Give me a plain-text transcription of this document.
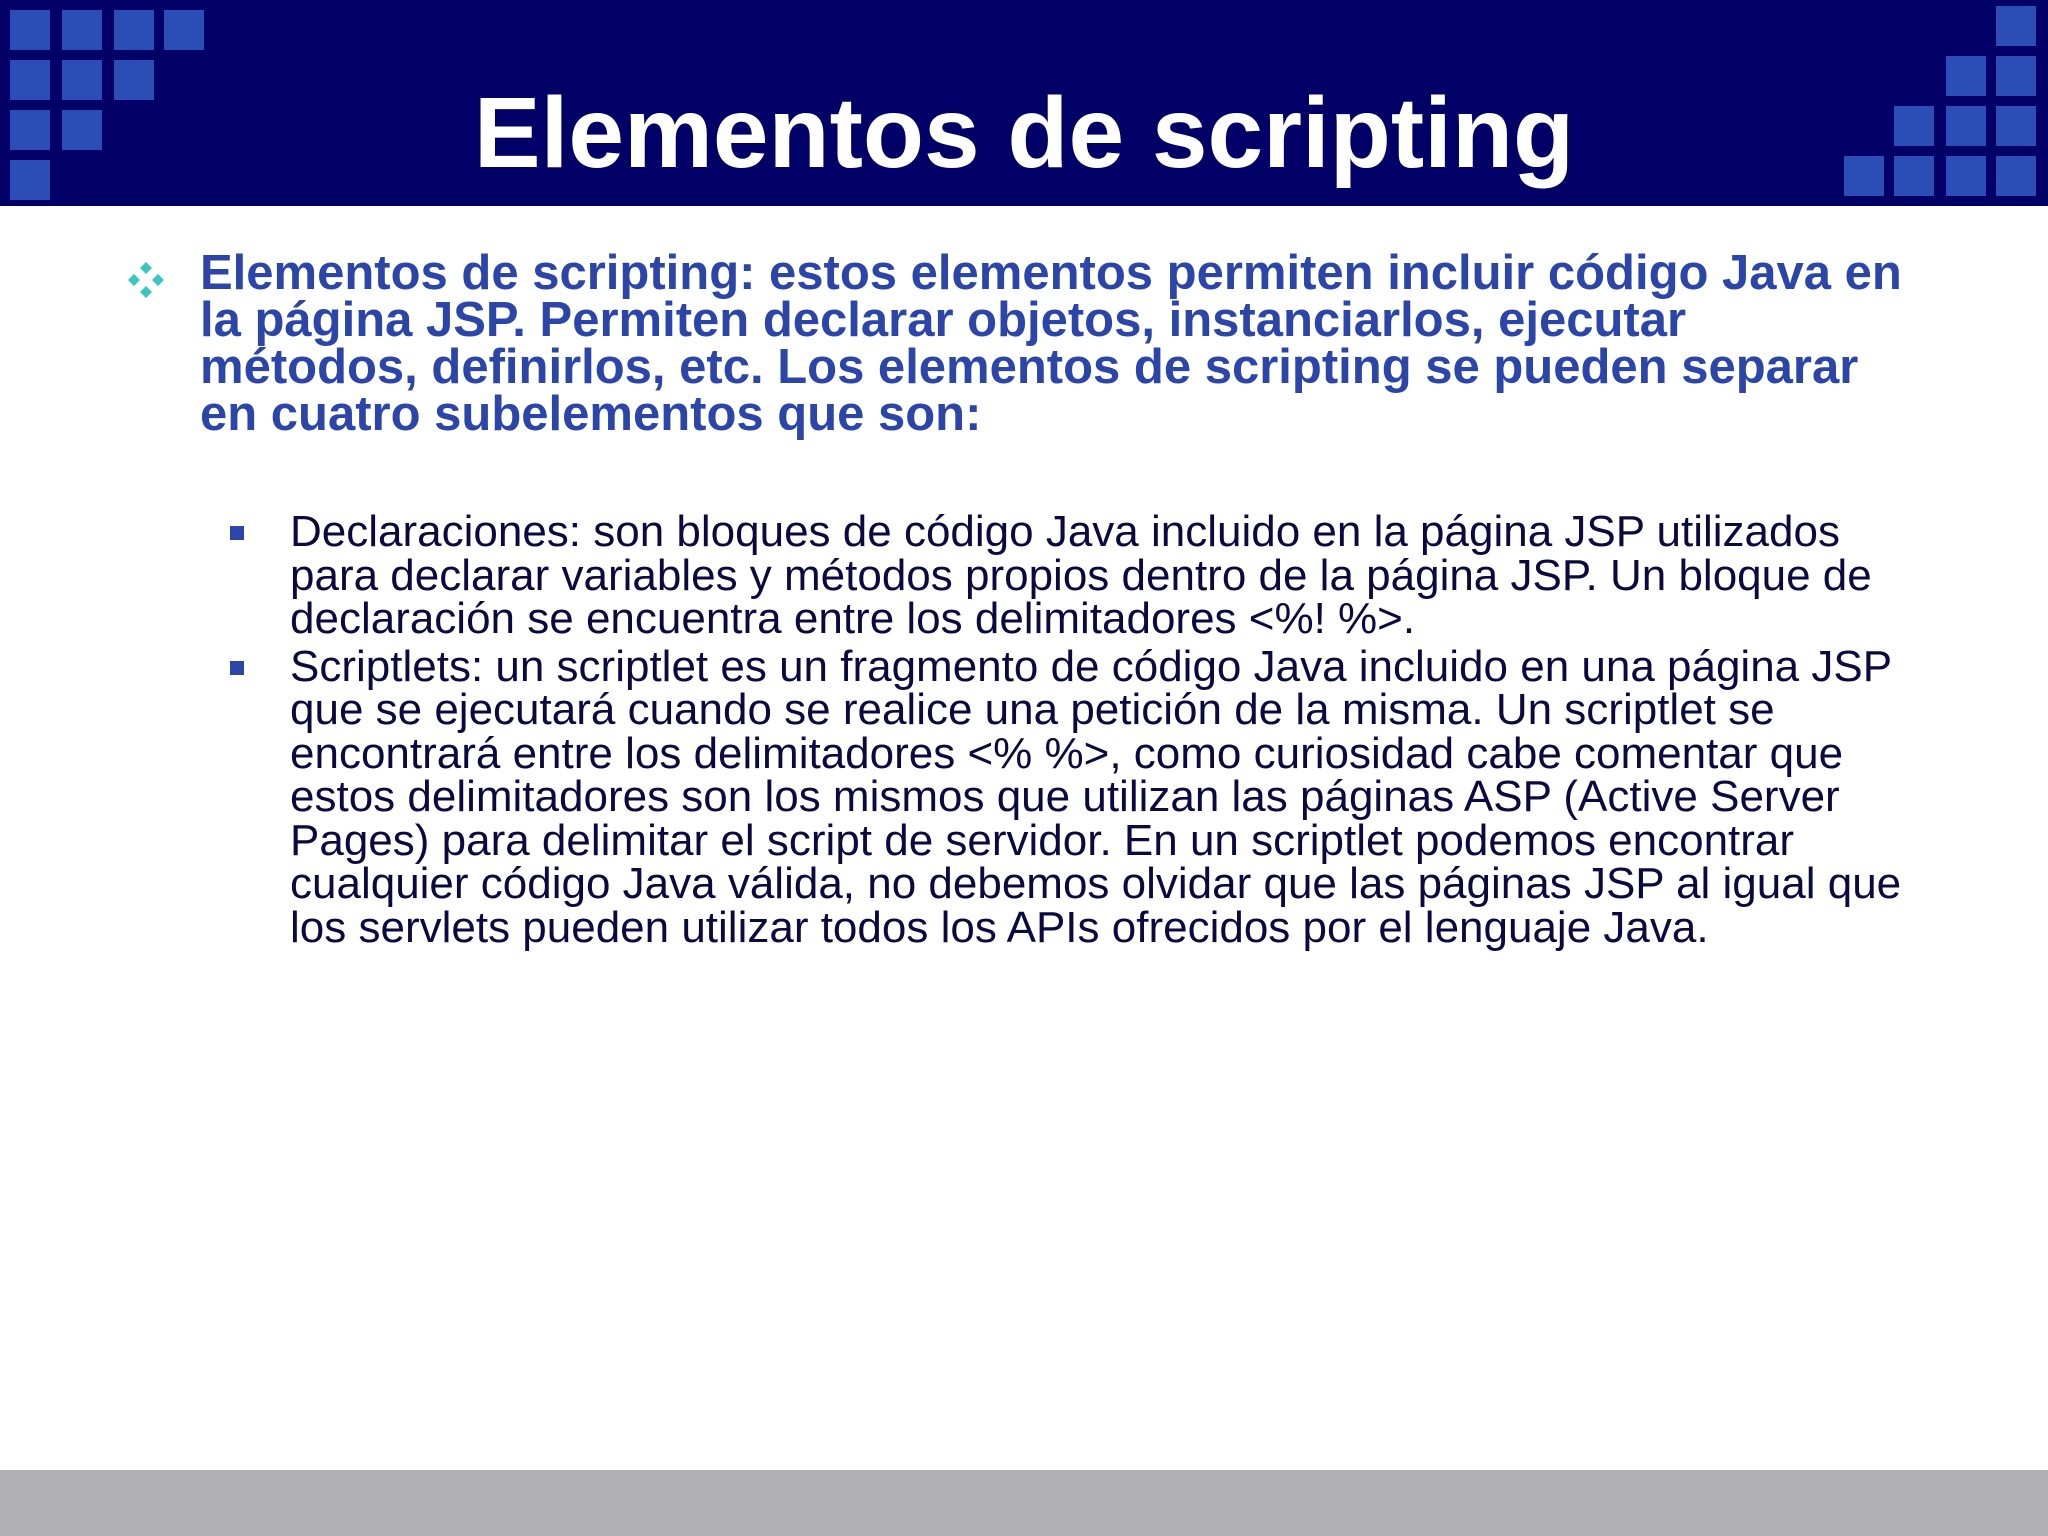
Elementos de scripting
Elementos de scripting: estos elementos permiten incluir código Java en la página JSP. Permiten declarar objetos, instanciarlos, ejecutar métodos, definirlos, etc. Los elementos de scripting se pueden separar en cuatro subelementos que son:
Declaraciones: son bloques de código Java incluido en la página JSP utilizados para declarar variables y métodos propios dentro de la página JSP. Un bloque de declaración se encuentra entre los delimitadores <%! %>.
Scriptlets: un scriptlet es un fragmento de código Java incluido en una página JSP que se ejecutará cuando se realice una petición de la misma. Un scriptlet se encontrará entre los delimitadores <% %>, como curiosidad cabe comentar que estos delimitadores son los mismos que utilizan las páginas ASP (Active Server Pages) para delimitar el script de servidor. En un scriptlet podemos encontrar cualquier código Java válida, no debemos olvidar que las páginas JSP al igual que los servlets pueden utilizar todos los APIs ofrecidos por el lenguaje Java.
